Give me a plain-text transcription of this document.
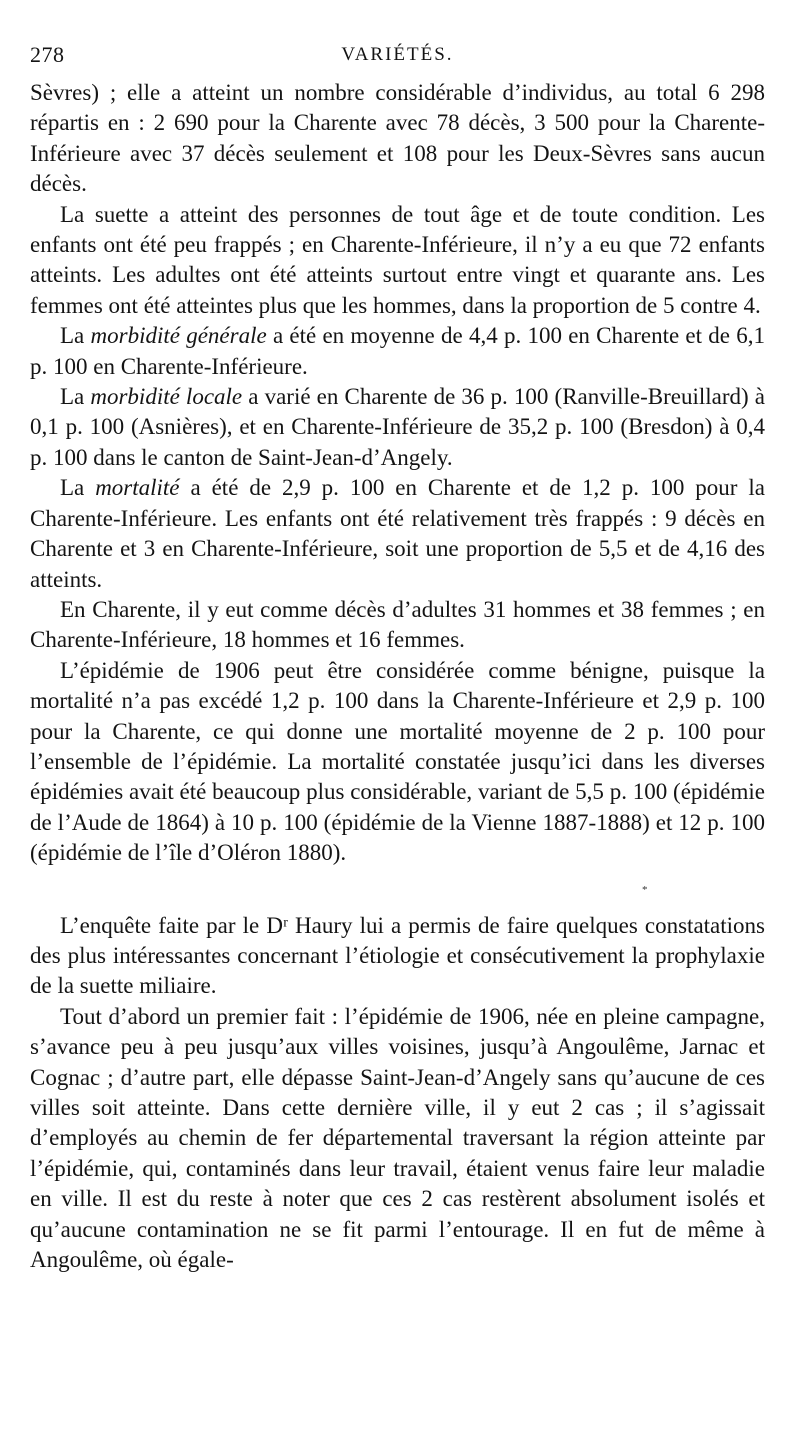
278	VARIÉTÉS.

Sèvres) ; elle a atteint un nombre considérable d’individus, au total 6 298 répartis en : 2 690 pour la Charente avec 78 décès, 3 500 pour la Charente-Inférieure avec 37 décès seulement et 108 pour les Deux-Sèvres sans aucun décès.

La suette a atteint des personnes de tout âge et de toute condition. Les enfants ont été peu frappés ; en Charente-Inférieure, il n’y a eu que 72 enfants atteints. Les adultes ont été atteints surtout entre vingt et quarante ans. Les femmes ont été atteintes plus que les hommes, dans la proportion de 5 contre 4.

La morbidité générale a été en moyenne de 4,4 p. 100 en Charente et de 6,1 p. 100 en Charente-Inférieure.

La morbidité locale a varié en Charente de 36 p. 100 (Ranville-Breuillard) à 0,1 p. 100 (Asnières), et en Charente-Inférieure de 35,2 p. 100 (Bresdon) à 0,4 p. 100 dans le canton de Saint-Jean-d’Angely.

La mortalité a été de 2,9 p. 100 en Charente et de 1,2 p. 100 pour la Charente-Inférieure. Les enfants ont été relativement très frappés : 9 décès en Charente et 3 en Charente-Inférieure, soit une proportion de 5,5 et de 4,16 des atteints.

En Charente, il y eut comme décès d’adultes 31 hommes et 38 femmes ; en Charente-Inférieure, 18 hommes et 16 femmes.

L’épidémie de 1906 peut être considérée comme bénigne, puisque la mortalité n’a pas excédé 1,2 p. 100 dans la Charente-Inférieure et 2,9 p. 100 pour la Charente, ce qui donne une mortalité moyenne de 2 p. 100 pour l’ensemble de l’épidémie. La mortalité constatée jusqu’ici dans les diverses épidémies avait été beaucoup plus considérable, variant de 5,5 p. 100 (épidémie de l’Aude de 1864) à 10 p. 100 (épidémie de la Vienne 1887-1888) et 12 p. 100 (épidémie de l’île d’Oléron 1880).

*

L’enquête faite par le Dʳ Haury lui a permis de faire quelques constatations des plus intéressantes concernant l’étiologie et consécutivement la prophylaxie de la suette miliaire.

Tout d’abord un premier fait : l’épidémie de 1906, née en pleine campagne, s’avance peu à peu jusqu’aux villes voisines, jusqu’à Angoulême, Jarnac et Cognac ; d’autre part, elle dépasse Saint-Jean-d’Angely sans qu’aucune de ces villes soit atteinte. Dans cette dernière ville, il y eut 2 cas ; il s’agissait d’employés au chemin de fer départemental traversant la région atteinte par l’épidémie, qui, contaminés dans leur travail, étaient venus faire leur maladie en ville. Il est du reste à noter que ces 2 cas restèrent absolument isolés et qu’aucune contamination ne se fit parmi l’entourage. Il en fut de même à Angoulême, où égale-
